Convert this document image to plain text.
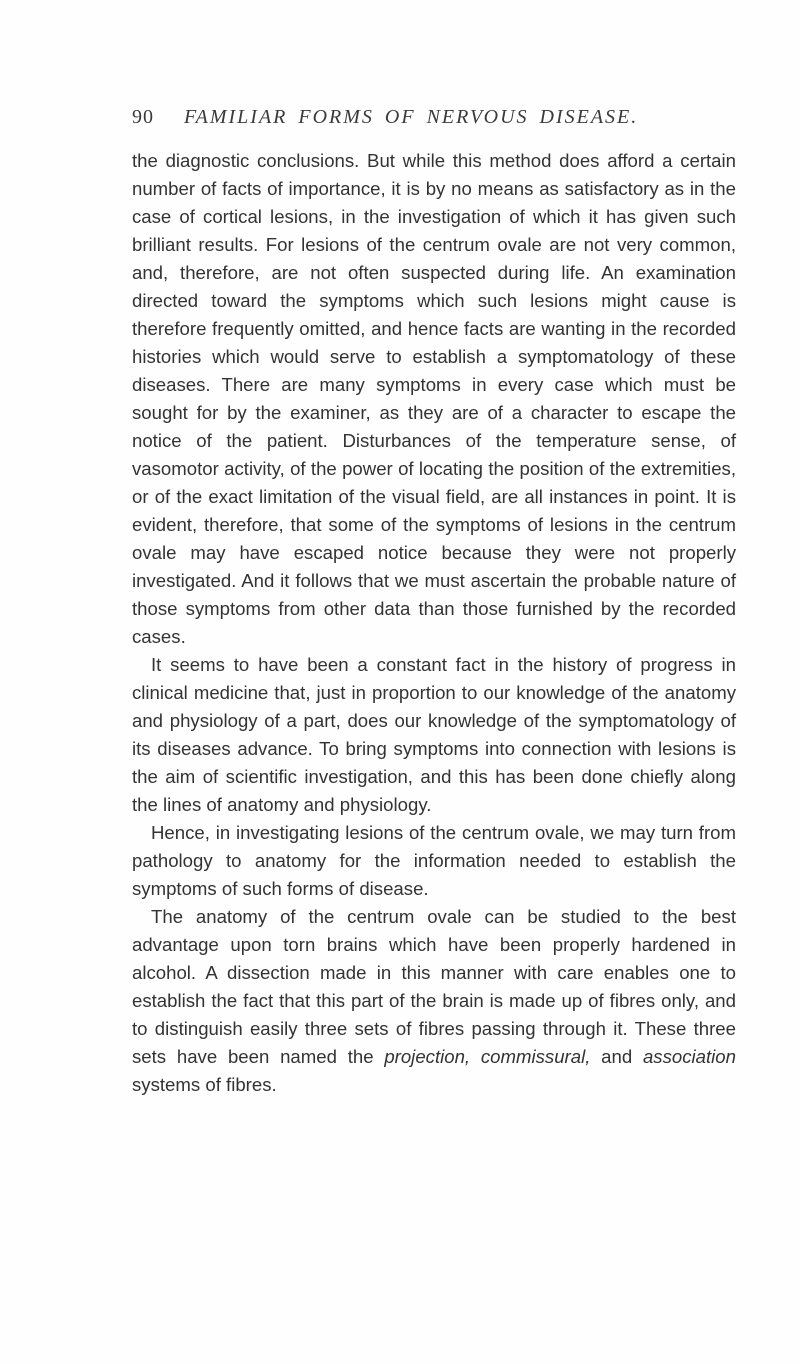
90 FAMILIAR FORMS OF NERVOUS DISEASE.

the diagnostic conclusions. But while this method does afford a certain number of facts of importance, it is by no means as satisfactory as in the case of cortical lesions, in the investigation of which it has given such brilliant results. For lesions of the centrum ovale are not very common, and, therefore, are not often suspected during life. An examination directed toward the symptoms which such lesions might cause is therefore frequently omitted, and hence facts are wanting in the recorded histories which would serve to establish a symptomatology of these diseases. There are many symptoms in every case which must be sought for by the examiner, as they are of a character to escape the notice of the patient. Disturbances of the temperature sense, of vasomotor activity, of the power of locating the position of the extremities, or of the exact limitation of the visual field, are all instances in point. It is evident, therefore, that some of the symptoms of lesions in the centrum ovale may have escaped notice because they were not properly investigated. And it follows that we must ascertain the probable nature of those symptoms from other data than those furnished by the recorded cases.

It seems to have been a constant fact in the history of progress in clinical medicine that, just in proportion to our knowledge of the anatomy and physiology of a part, does our knowledge of the symptomatology of its diseases advance. To bring symptoms into connection with lesions is the aim of scientific investigation, and this has been done chiefly along the lines of anatomy and physiology.

Hence, in investigating lesions of the centrum ovale, we may turn from pathology to anatomy for the information needed to establish the symptoms of such forms of disease.

The anatomy of the centrum ovale can be studied to the best advantage upon torn brains which have been properly hardened in alcohol. A dissection made in this manner with care enables one to establish the fact that this part of the brain is made up of fibres only, and to distinguish easily three sets of fibres passing through it. These three sets have been named the projection, commissural, and association systems of fibres.
